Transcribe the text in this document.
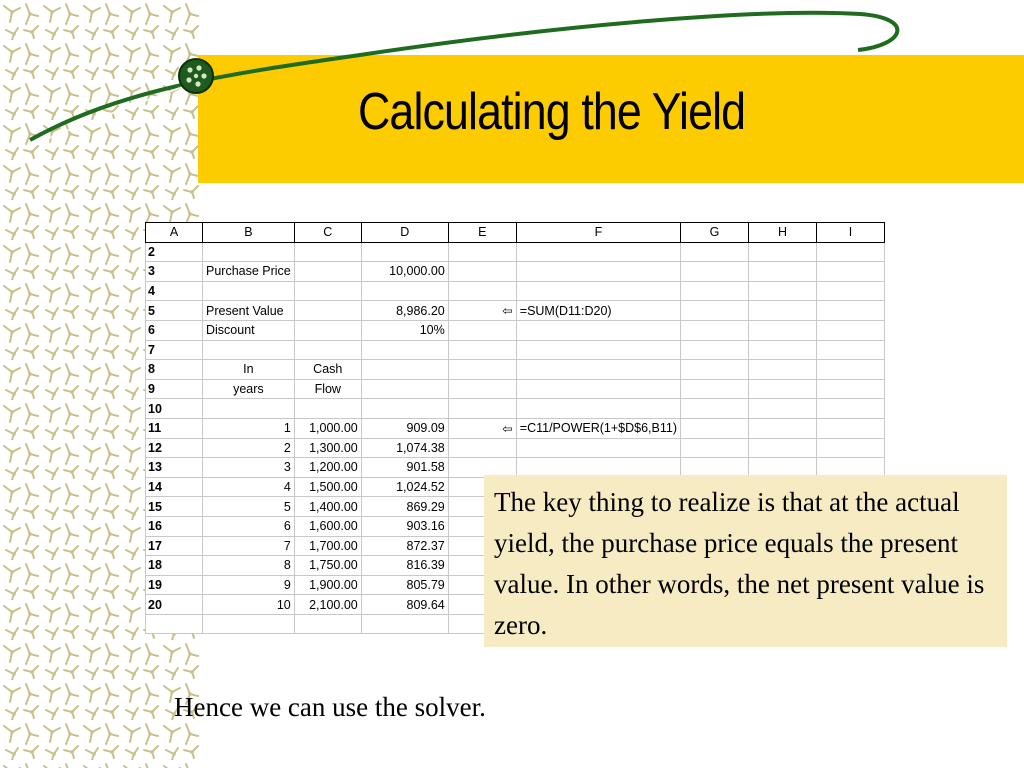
Calculating the Yield
A	B	C	D	E	F	G	H	I
2								
3	Purchase Price		10,000.00					
4								
5	Present Value		8,986.20	⇦	=SUM(D11:D20)			
6	Discount		10%					
7								
8	In	Cash						
9	years	Flow						
10								
11	1	1,000.00	909.09	⇦	=C11/POWER(1+$D$6,B11)			
12	2	1,300.00	1,074.38					
13	3	1,200.00	901.58					
14	4	1,500.00	1,024.52					
15	5	1,400.00	869.29					
16	6	1,600.00	903.16					
17	7	1,700.00	872.37					
18	8	1,750.00	816.39					
19	9	1,900.00	805.79					
20	10	2,100.00	809.64					

The key thing to realize is that at the actual yield, the purchase price equals the present value. In other words, the net present value is zero.
Hence we can use the solver.
